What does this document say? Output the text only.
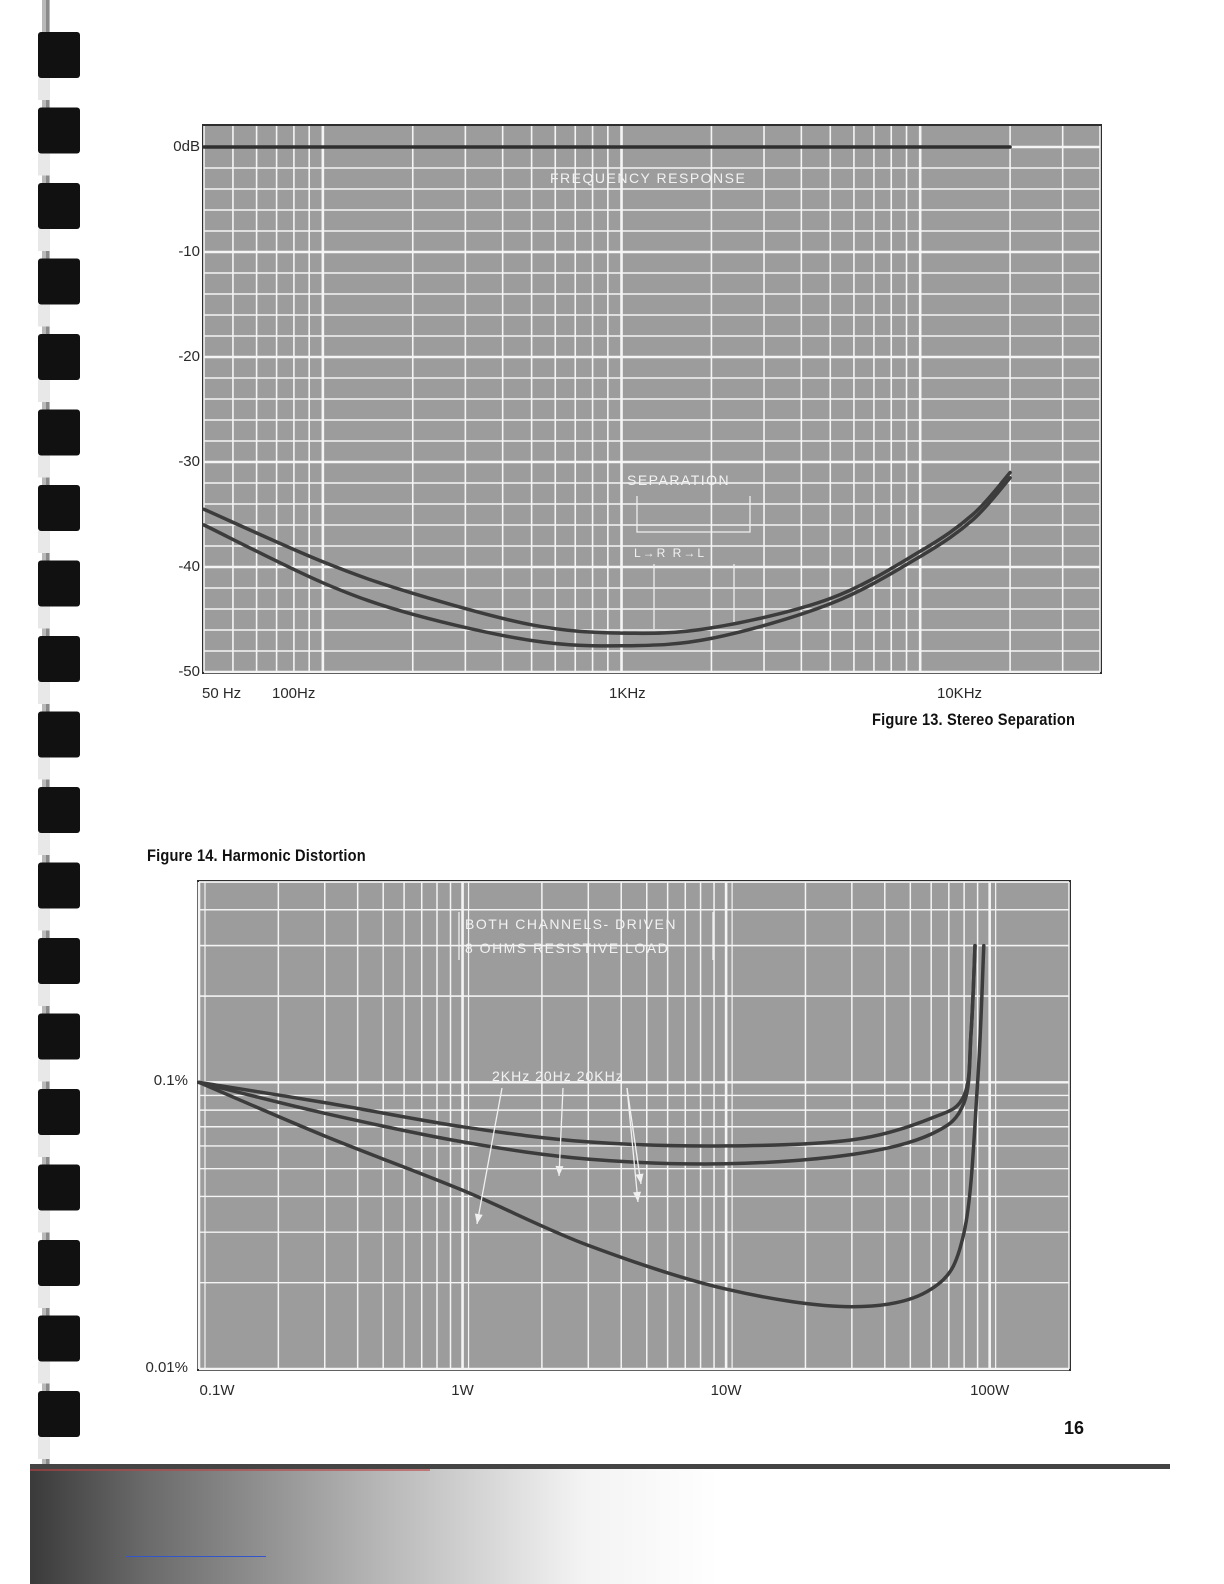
FREQUENCY RESPONSE
SEPARATION
L→R R→L
Figure 13. Stereo Separation
Figure 14. Harmonic Distortion
BOTH CHANNELS- DRIVEN
8 OHMS RESISTIVE LOAD
2KHz 20Hz 20KHz
16
0dB
-10
-20
-30
-40
-50
50 Hz 100Hz	1KHz	10KHz
0.1%
0.01%
0.1W	1W	10W	100W
